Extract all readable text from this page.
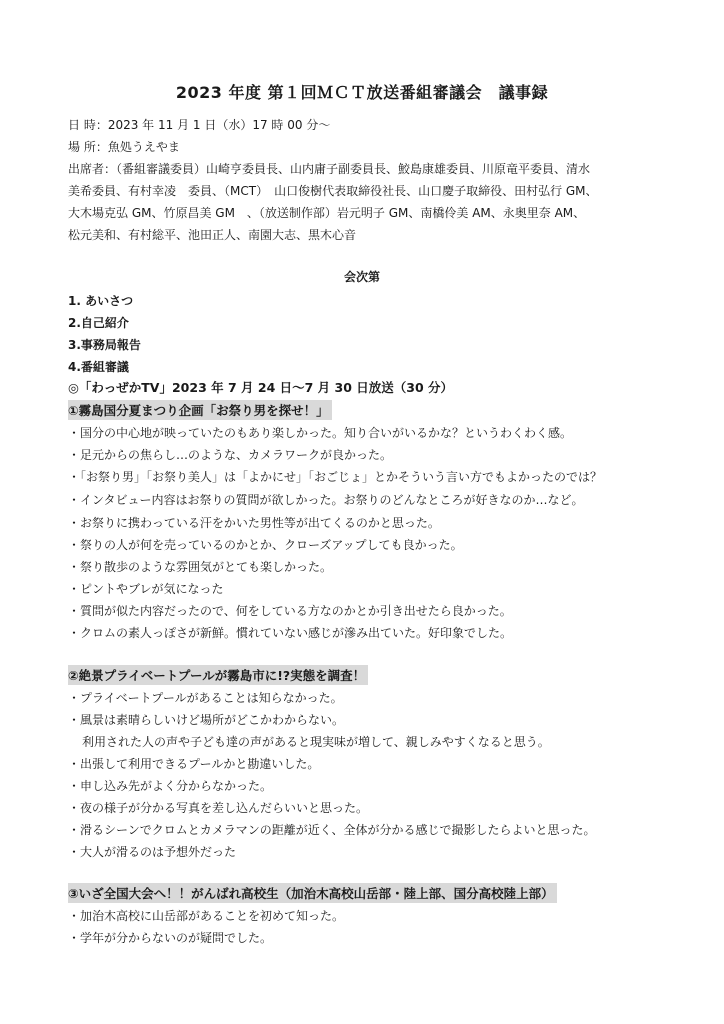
2023 年度 第１回ＭＣＴ放送番組審議会　議事録
日 時：2023 年 11 月 1 日（水）17 時 00 分～
場 所：魚処うえやま
出席者：（番組審議委員）山崎亨委員長、山内庸子副委員長、鮫島康雄委員、川原竜平委員、清水
美希委員、有村幸凌　委員、（MCT）　山口俊樹代表取締役社長、山口慶子取締役、田村弘行 GM、
大木場克弘 GM、竹原昌美 GM　、（放送制作部）岩元明子 GM、南橋伶美 AM、永奥里奈 AM、
松元美和、有村総平、池田正人、南園大志、黒木心音
会次第
1. あいさつ
2.自己紹介
3.事務局報告
4.番組審議
◎「わっぜかTV」2023 年 7 月 24 日～7 月 30 日放送（30 分）
①霧島国分夏まつり企画「お祭り男を探せ！」
・国分の中心地が映っていたのもあり楽しかった。知り合いがいるかな？というわくわく感。
・足元からの焦らし…のような、カメラワークが良かった。
・「お祭り男」「お祭り美人」は「よかにせ」「おごじょ」とかそういう言い方でもよかったのでは？
・インタビュー内容はお祭りの質問が欲しかった。お祭りのどんなところが好きなのか…など。
・お祭りに携わっている汗をかいた男性等が出てくるのかと思った。
・祭りの人が何を売っているのかとか、クローズアップしても良かった。
・祭り散歩のような雰囲気がとても楽しかった。
・ピントやブレが気になった
・質問が似た内容だったので、何をしている方なのかとか引き出せたら良かった。
・クロムの素人っぽさが新鮮。慣れていない感じが滲み出ていた。好印象でした。
②絶景プライベートプールが霧島市に!?実態を調査！
・プライベートプールがあることは知らなかった。
・風景は素晴らしいけど場所がどこかわからない。
利用された人の声や子ども達の声があると現実味が増して、親しみやすくなると思う。
・出張して利用できるプールかと勘違いした。
・申し込み先がよく分からなかった。
・夜の様子が分かる写真を差し込んだらいいと思った。
・滑るシーンでクロムとカメラマンの距離が近く、全体が分かる感じで撮影したらよいと思った。
・大人が滑るのは予想外だった
③いざ全国大会へ！！がんばれ高校生（加治木高校山岳部・陸上部、国分高校陸上部）
・加治木高校に山岳部があることを初めて知った。
・学年が分からないのが疑問でした。
